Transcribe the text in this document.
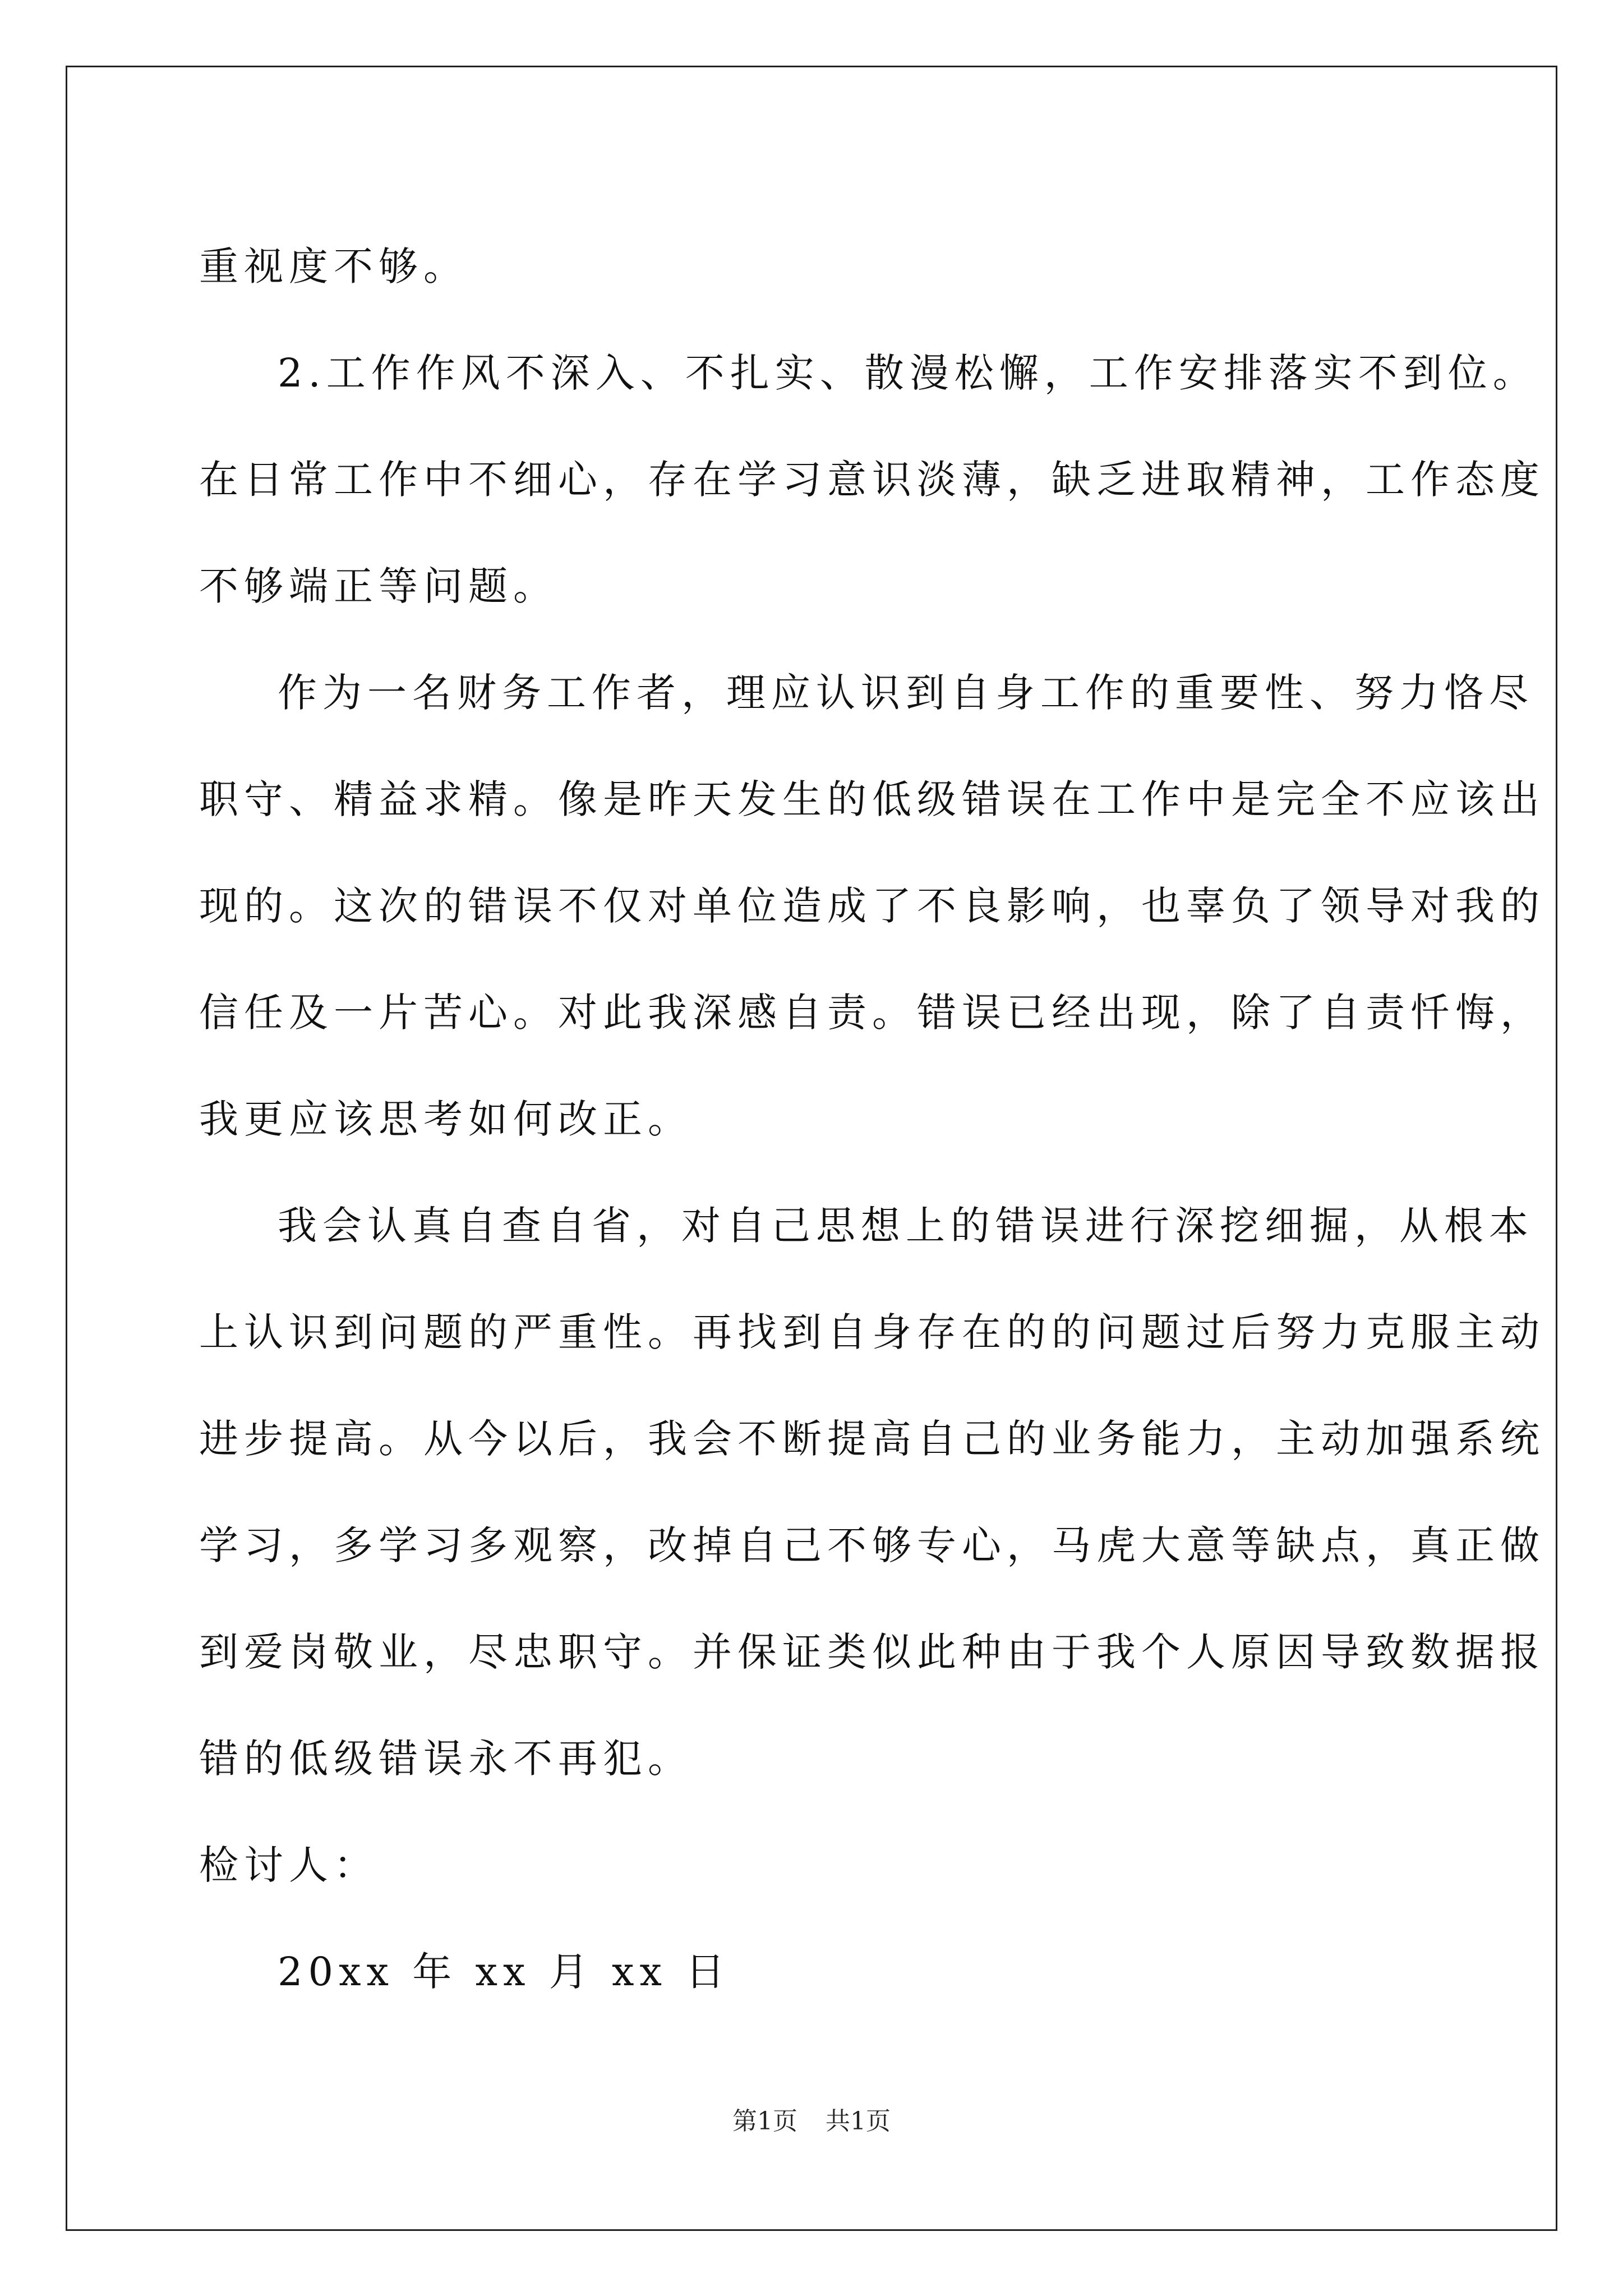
重视度不够。
2.工作作风不深入、不扎实、散漫松懈，工作安排落实不到位。
在日常工作中不细心，存在学习意识淡薄，缺乏进取精神，工作态度
不够端正等问题。
作为一名财务工作者，理应认识到自身工作的重要性、努力恪尽
职守、精益求精。像是昨天发生的低级错误在工作中是完全不应该出
现的。这次的错误不仅对单位造成了不良影响，也辜负了领导对我的
信任及一片苦心。对此我深感自责。错误已经出现，除了自责忏悔，
我更应该思考如何改正。
我会认真自查自省，对自己思想上的错误进行深挖细掘，从根本
上认识到问题的严重性。再找到自身存在的的问题过后努力克服主动
进步提高。从今以后，我会不断提高自己的业务能力，主动加强系统
学习，多学习多观察，改掉自己不够专心，马虎大意等缺点，真正做
到爱岗敬业，尽忠职守。并保证类似此种由于我个人原因导致数据报
错的低级错误永不再犯。
检讨人：
20xx 年 xx 月 xx 日
第1页 共1页
